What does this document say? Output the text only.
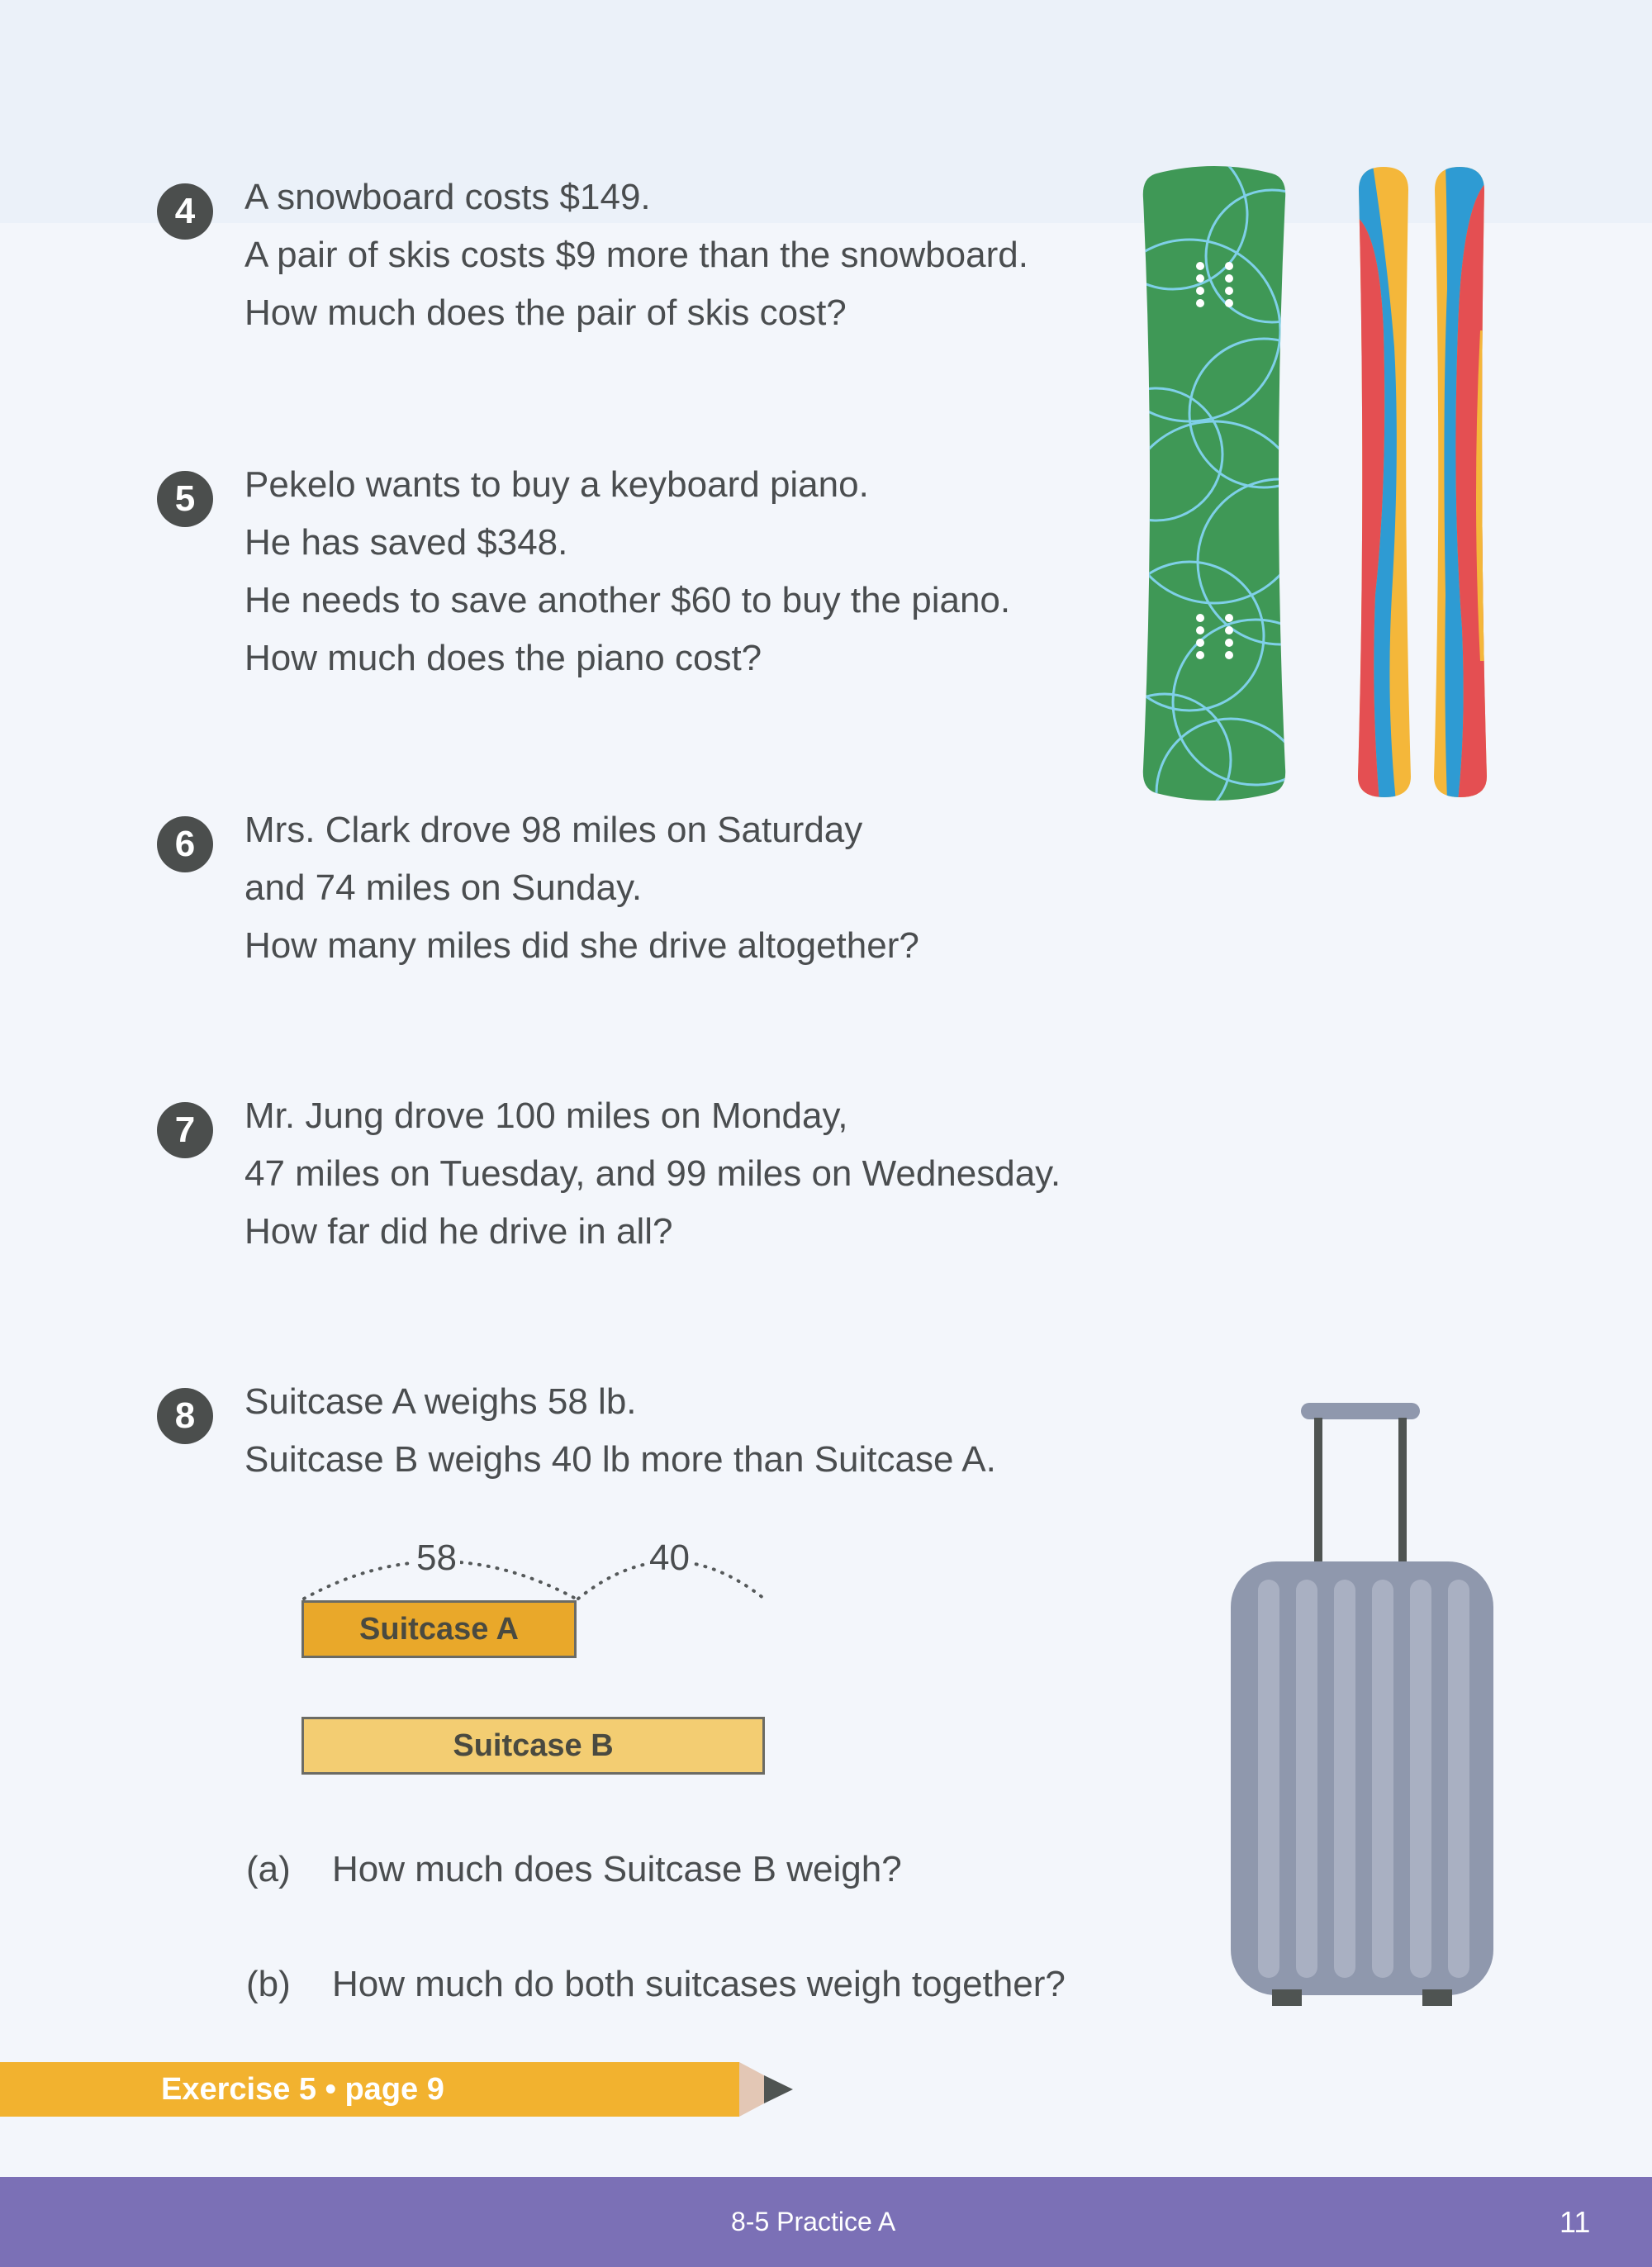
4	A snowboard costs $149.
A pair of skis costs $9 more than the snowboard.
How much does the pair of skis cost?
5	Pekelo wants to buy a keyboard piano.
He has saved $348.
He needs to save another $60 to buy the piano.
How much does the piano cost?
6	Mrs. Clark drove 98 miles on Saturday
and 74 miles on Sunday.
How many miles did she drive altogether?
7	Mr. Jung drove 100 miles on Monday,
47 miles on Tuesday, and 99 miles on Wednesday.
How far did he drive in all?
8	Suitcase A weighs 58 lb.
Suitcase B weighs 40 lb more than Suitcase A.
58	40
Suitcase A
Suitcase B
(a) How much does Suitcase B weigh?
(b) How much do both suitcases weigh together?
Exercise 5 • page 9
8-5 Practice A	11
